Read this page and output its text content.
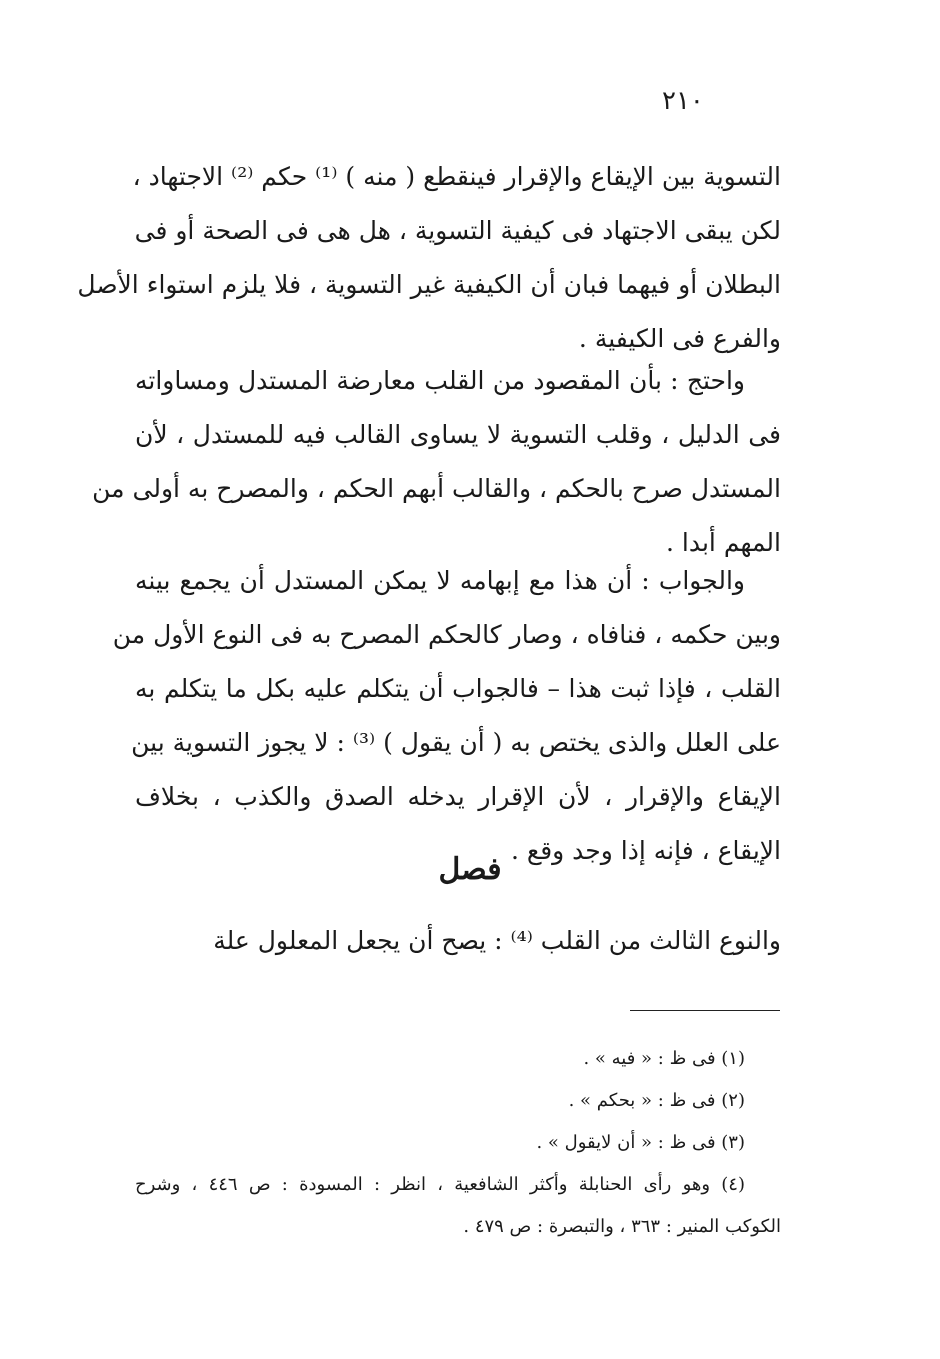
٢١٠
التسوية بين الإيقاع والإقرار فينقطع ( منه ) ⁽¹⁾ حكم ⁽²⁾ الاجتهاد ،
لكن يبقى الاجتهاد فى كيفية التسوية ، هل هى فى الصحة أو فى
البطلان أو فيهما فبان أن الكيفية غير التسوية ، فلا يلزم استواء الأصل
والفرع فى الكيفية .
واحتج : بأن المقصود من القلب معارضة المستدل ومساواته
فى الدليل ، وقلب التسوية لا يساوى القالب فيه للمستدل ، لأن
المستدل صرح بالحكم ، والقالب أبهم الحكم ، والمصرح به أولى من
المهم أبدا .
والجواب : أن هذا مع إبهامه لا يمكن المستدل أن يجمع بينه
وبين حكمه ، فنافاه ، وصار كالحكم المصرح به فى النوع الأول من
القلب ، فإذا ثبت هذا – فالجواب أن يتكلم عليه بكل ما يتكلم به
على العلل والذى يختص به ( أن يقول ) ⁽³⁾ : لا يجوز التسوية بين
الإيقاع والإقرار ، لأن الإقرار يدخله الصدق والكذب ، بخلاف
الإيقاع ، فإنه إذا وجد وقع .
فصل
والنوع الثالث من القلب ⁽⁴⁾ : يصح أن يجعل المعلول علة
(١) فى ظ : « فيه » .
(٢) فى ظ : « بحكم » .
(٣) فى ظ : « أن لايقول » .
(٤) وهو رأى الحنابلة وأكثر الشافعية ، انظر : المسودة : ص ٤٤٦ ، وشرح
الكوكب المنير : ٣٦٣ ، والتبصرة : ص ٤٧٩ .
